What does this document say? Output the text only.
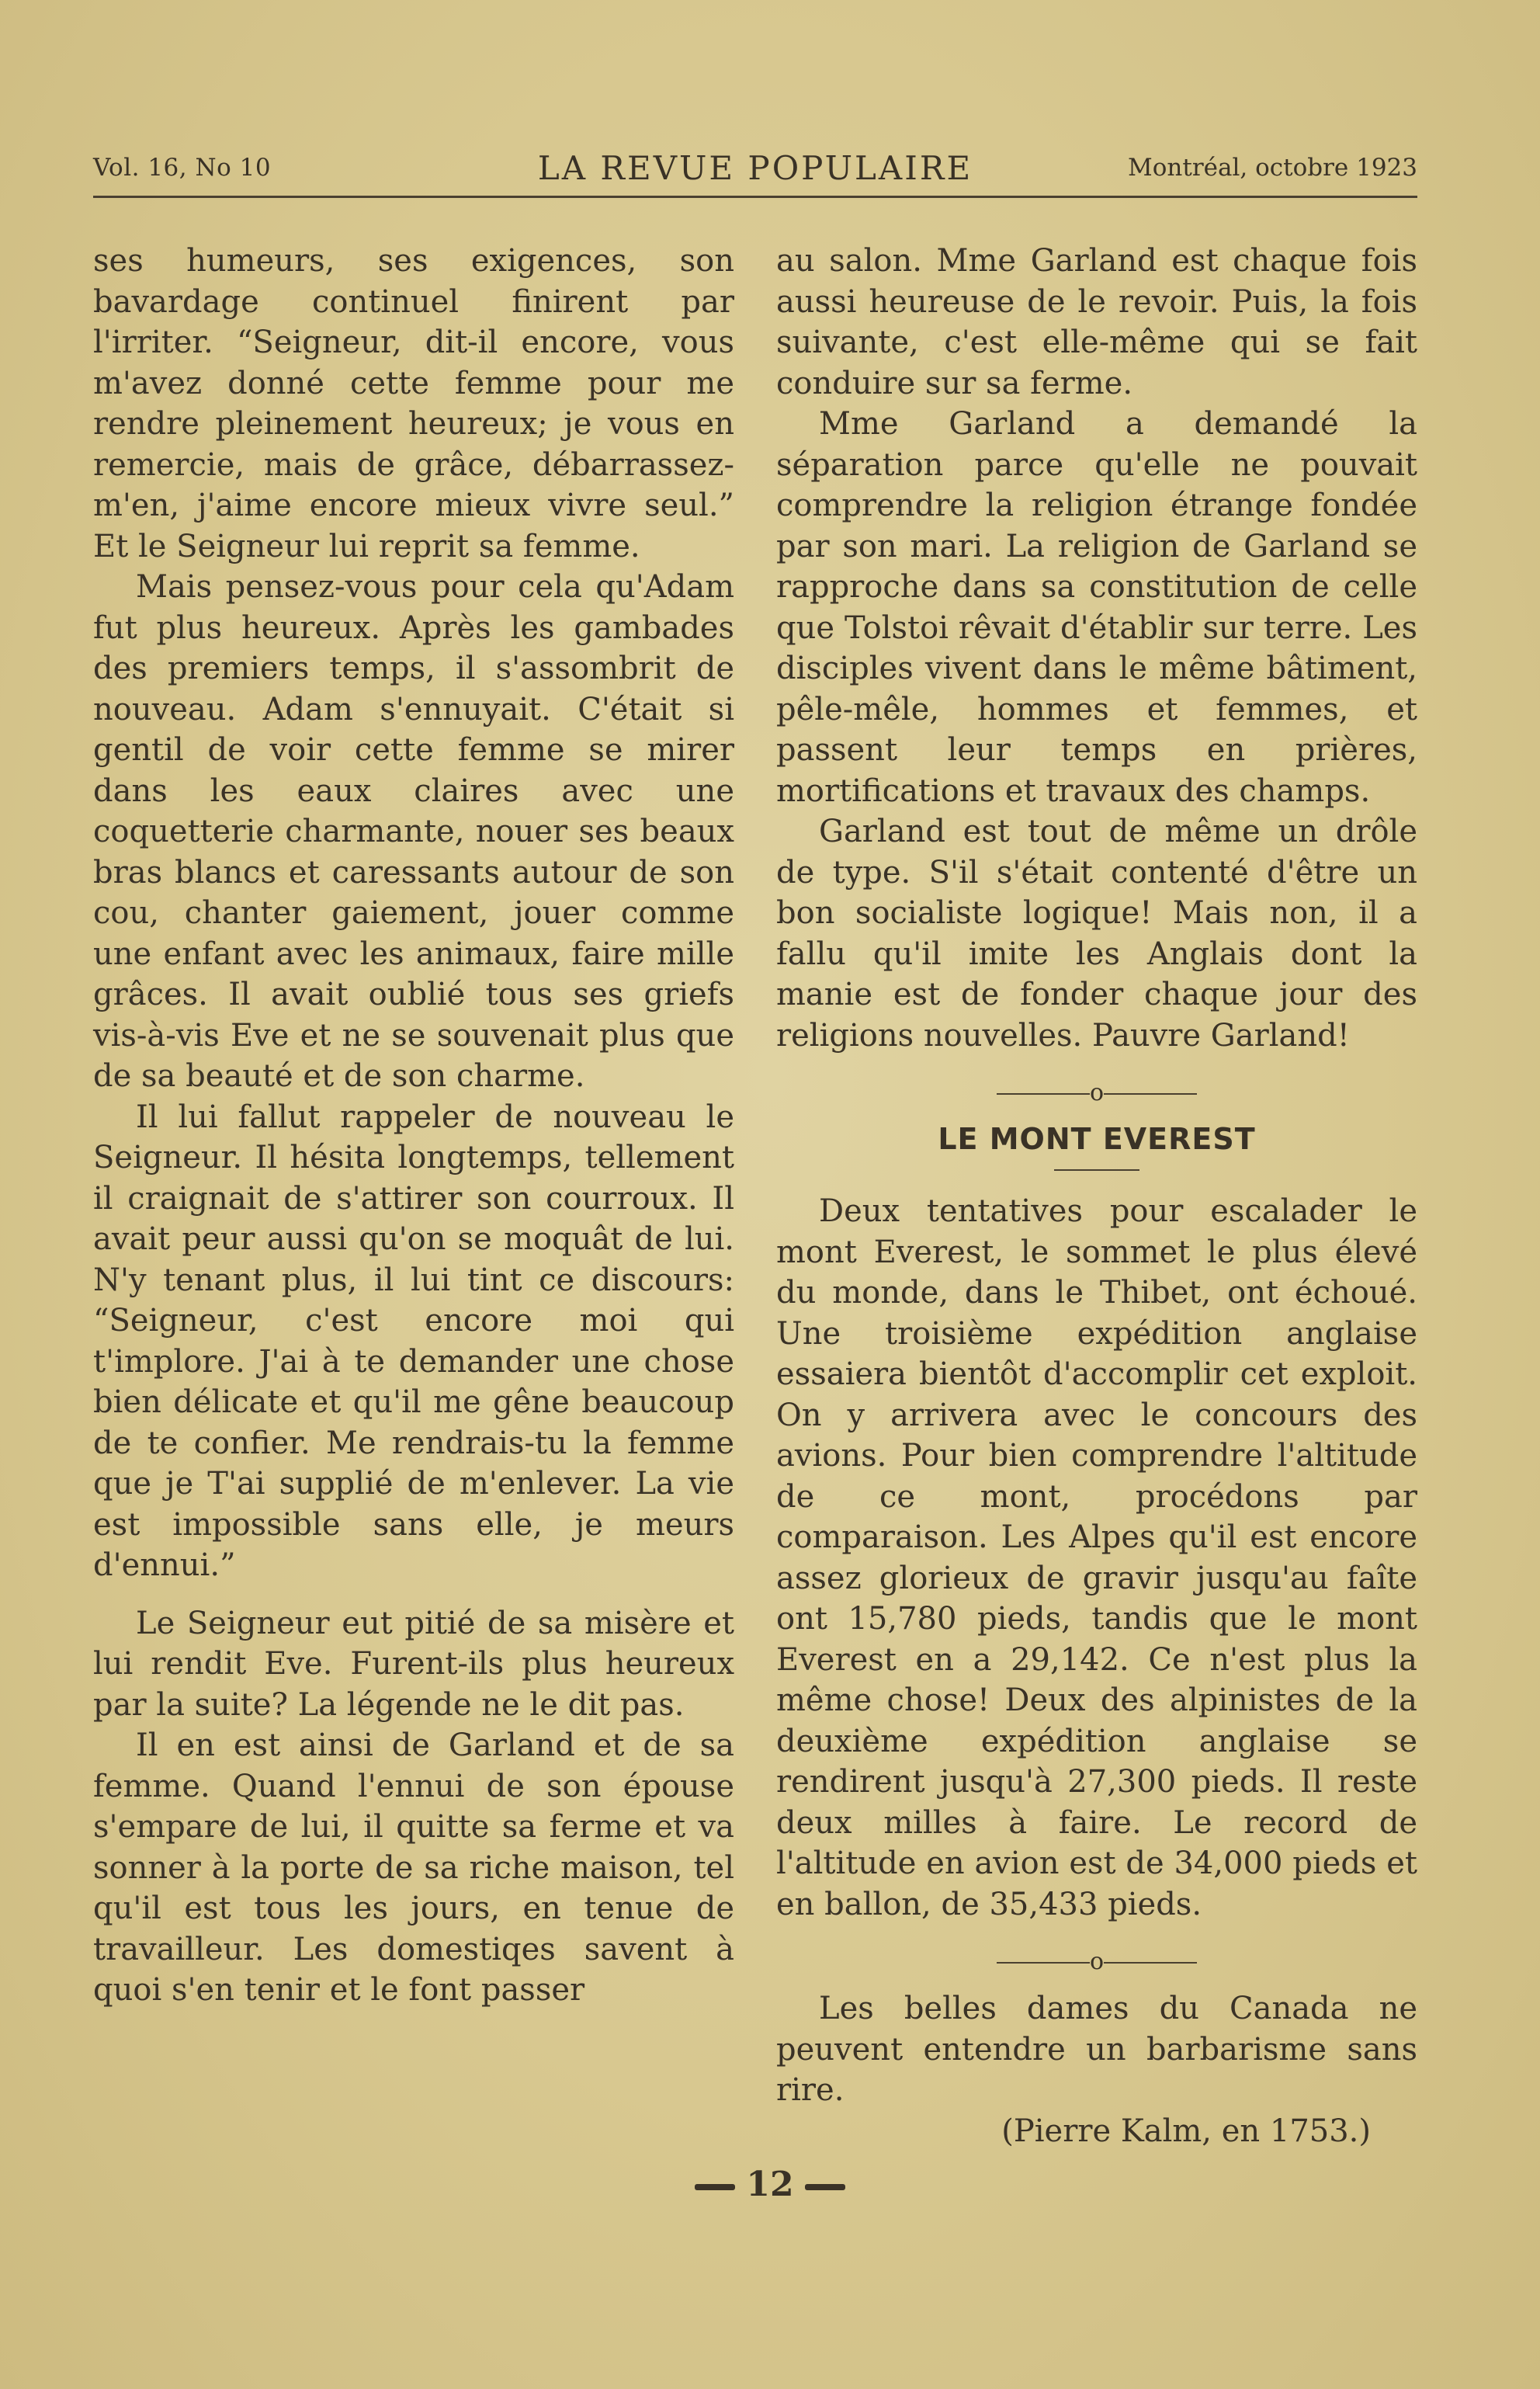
Vol. 16, No 10	LA REVUE POPULAIRE	Montréal, octobre 1923

ses humeurs, ses exigences, son bavardage continuel finirent par l'irriter. “Seigneur, dit-il encore, vous m'avez donné cette femme pour me rendre pleinement heureux; je vous en remercie, mais de grâce, débarrassez-m'en, j'aime encore mieux vivre seul.” Et le Seigneur lui reprit sa femme.

Mais pensez-vous pour cela qu'Adam fut plus heureux. Après les gambades des premiers temps, il s'assombrit de nouveau. Adam s'ennuyait. C'était si gentil de voir cette femme se mirer dans les eaux claires avec une coquetterie charmante, nouer ses beaux bras blancs et caressants autour de son cou, chanter gaiement, jouer comme une enfant avec les animaux, faire mille grâces. Il avait oublié tous ses griefs vis-à-vis Eve et ne se souvenait plus que de sa beauté et de son charme.

Il lui fallut rappeler de nouveau le Seigneur. Il hésita longtemps, tellement il craignait de s'attirer son courroux. Il avait peur aussi qu'on se moquât de lui. N'y tenant plus, il lui tint ce discours: “Seigneur, c'est encore moi qui t'implore. J'ai à te demander une chose bien délicate et qu'il me gêne beaucoup de te confier. Me rendrais-tu la femme que je T'ai supplié de m'enlever. La vie est impossible sans elle, je meurs d'ennui.”

Le Seigneur eut pitié de sa misère et lui rendit Eve. Furent-ils plus heureux par la suite? La légende ne le dit pas.

Il en est ainsi de Garland et de sa femme. Quand l'ennui de son épouse s'empare de lui, il quitte sa ferme et va sonner à la porte de sa riche maison, tel qu'il est tous les jours, en tenue de travailleur. Les domestiqes savent à quoi s'en tenir et le font passer

au salon. Mme Garland est chaque fois aussi heureuse de le revoir. Puis, la fois suivante, c'est elle-même qui se fait conduire sur sa ferme.

Mme Garland a demandé la séparation parce qu'elle ne pouvait comprendre la religion étrange fondée par son mari. La religion de Garland se rapproche dans sa constitution de celle que Tolstoi rêvait d'établir sur terre. Les disciples vivent dans le même bâtiment, pêle-mêle, hommes et femmes, et passent leur temps en prières, mortifications et travaux des champs.

Garland est tout de même un drôle de type. S'il s'était contenté d'être un bon socialiste logique! Mais non, il a fallu qu'il imite les Anglais dont la manie est de fonder chaque jour des religions nouvelles. Pauvre Garland!

o
LE MONT EVEREST

Deux tentatives pour escalader le mont Everest, le sommet le plus élevé du monde, dans le Thibet, ont échoué. Une troisième expédition anglaise essaiera bientôt d'accomplir cet exploit. On y arrivera avec le concours des avions. Pour bien comprendre l'altitude de ce mont, procédons par comparaison. Les Alpes qu'il est encore assez glorieux de gravir jusqu'au faîte ont 15,780 pieds, tandis que le mont Everest en a 29,142. Ce n'est plus la même chose! Deux des alpinistes de la deuxième expédition anglaise se rendirent jusqu'à 27,300 pieds. Il reste deux milles à faire. Le record de l'altitude en avion est de 34,000 pieds et en ballon, de 35,433 pieds.

o

Les belles dames du Canada ne peuvent entendre un barbarisme sans rire.

(Pierre Kalm, en 1753.)

12
